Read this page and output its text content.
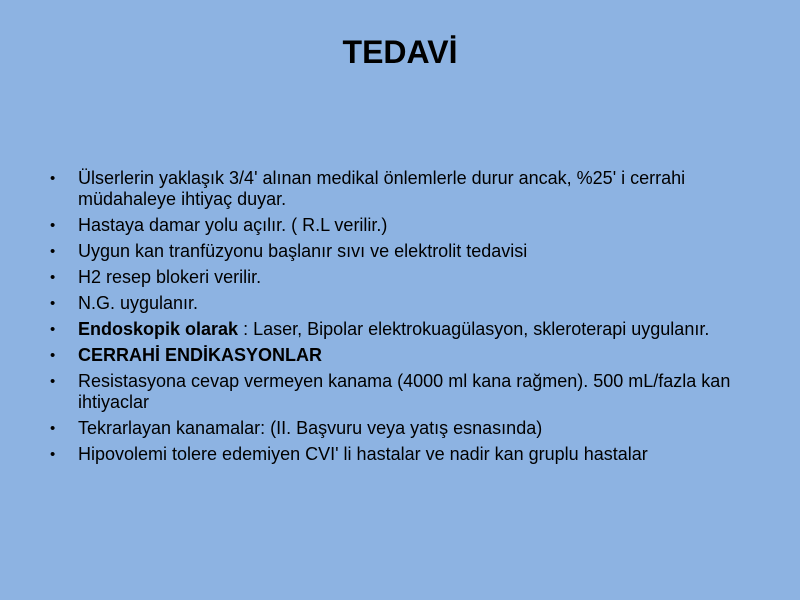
TEDAVİ
• Ülserlerin yaklaşık 3/4' alınan medikal önlemlerle durur ancak, %25' i cerrahi müdahaleye ihtiyaç duyar.
• Hastaya damar yolu açılır. ( R.L verilir.)
• Uygun kan tranfüzyonu başlanır sıvı ve elektrolit tedavisi
• H2 resep blokeri verilir.
• N.G. uygulanır.
• Endoskopik olarak : Laser, Bipolar elektrokuagülasyon, skleroterapi uygulanır.
• CERRAHİ ENDİKASYONLAR
• Resistasyona cevap vermeyen kanama (4000 ml kana rağmen). 500 mL/fazla kan ihtiyaclar
• Tekrarlayan kanamalar: (II. Başvuru veya yatış esnasında)
• Hipovolemi tolere edemiyen CVI' li hastalar ve nadir kan gruplu hastalar
